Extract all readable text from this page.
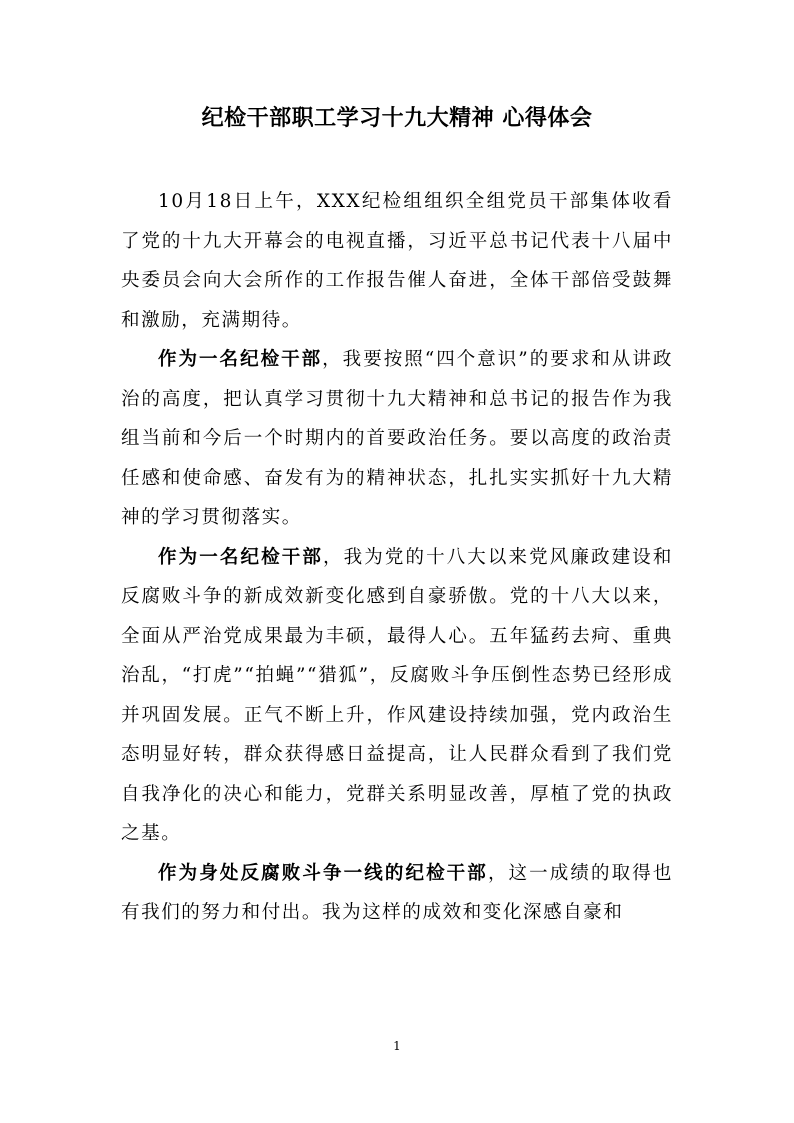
纪检干部职工学习十九大精神 心得体会

10月18日上午，XXX纪检组组织全组党员干部集体收看了党的十九大开幕会的电视直播，习近平总书记代表十八届中央委员会向大会所作的工作报告催人奋进，全体干部倍受鼓舞和激励，充满期待。

作为一名纪检干部，我要按照“四个意识”的要求和从讲政治的高度，把认真学习贯彻十九大精神和总书记的报告作为我组当前和今后一个时期内的首要政治任务。要以高度的政治责任感和使命感、奋发有为的精神状态，扎扎实实抓好十九大精神的学习贯彻落实。

作为一名纪检干部，我为党的十八大以来党风廉政建设和反腐败斗争的新成效新变化感到自豪骄傲。党的十八大以来，全面从严治党成果最为丰硕，最得人心。五年猛药去疴、重典治乱，“打虎”“拍蝇”“猎狐”，反腐败斗争压倒性态势已经形成并巩固发展。正气不断上升，作风建设持续加强，党内政治生态明显好转，群众获得感日益提高，让人民群众看到了我们党自我净化的决心和能力，党群关系明显改善，厚植了党的执政之基。

作为身处反腐败斗争一线的纪检干部，这一成绩的取得也有我们的努力和付出。我为这样的成效和变化深感自豪和

1
